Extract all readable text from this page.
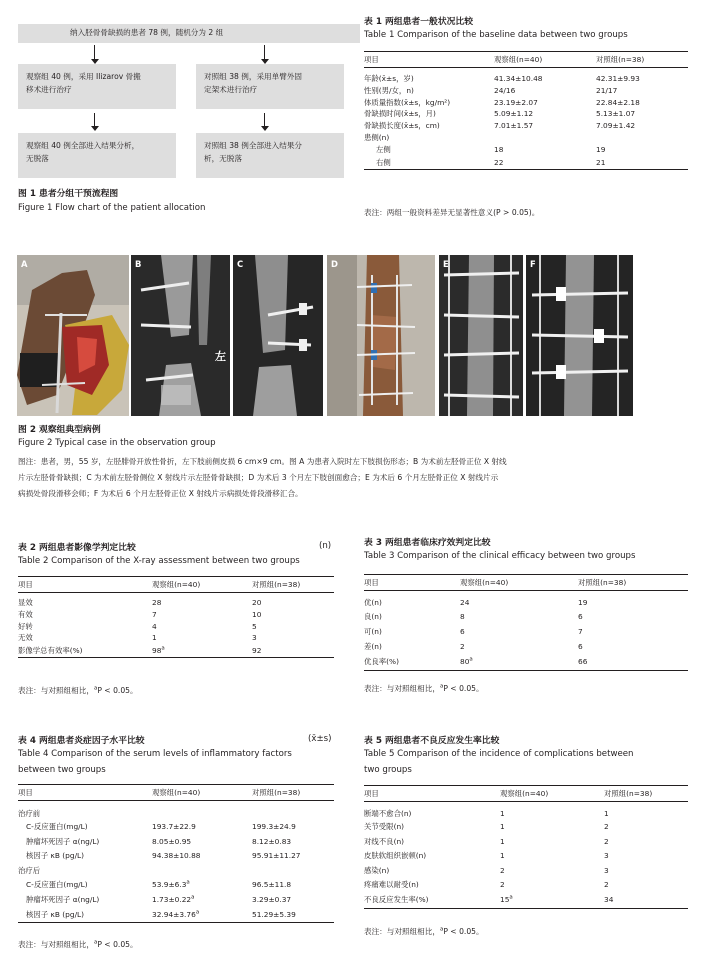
纳入胫骨骨缺损的患者 78 例，随机分为 2 组
观察组 40 例，采用 Ilizarov 骨搬
移术进行治疗
对照组 38 例，采用单臂外固
定架术进行治疗
观察组 40 例全部进入结果分析，
无脱落
对照组 38 例全部进入结果分
析，无脱落
图 1 患者分组干预流程图
Figure 1 Flow chart of the patient allocation
表 1 两组患者一般状况比较
Table 1 Comparison of the baseline data between two groups
项目	观察组(n=40)	对照组(n=38)
年龄(x̄±s，岁)	41.34±10.48	42.31±9.93
性别(男/女，n)	24/16	21/17
体质量指数(x̄±s，kg/m²)	23.19±2.07	22.84±2.18
骨缺损时间(x̄±s，月)	5.09±1.12	5.13±1.07
骨缺损长度(x̄±s，cm)	7.01±1.57	7.09±1.42
患侧(n)		
左侧	18	19
右侧	22	21
表注：两组一般资料差异无显著性意义(P > 0.05)。
A	B
左
C	D	E	F
图 2 观察组典型病例
Figure 2 Typical case in the observation group
图注：患者，男，55 岁，左胫腓骨开放性骨折，左下肢前侧皮损 6 cm×9 cm。图 A 为患者入院时左下肢损伤形态；B 为术前左胫骨正位 X 射线
片示左胫骨骨缺损；C 为术前左胫骨侧位 X 射线片示左胫骨骨缺损；D 为术后 3 个月左下肢创面愈合；E 为术后 6 个月左胫骨正位 X 射线片示
病损处骨段滑移会师；F 为术后 6 个月左胫骨正位 X 射线片示病损处骨段滑移汇合。
表 2 两组患者影像学判定比较	(n)
Table 2 Comparison of the X-ray assessment between two groups
项目	观察组(n=40)	对照组(n=38)
显效	28	20
有效	7	10
好转	4	5
无效	1	3
影像学总有效率(%)	98$^a$	92
表注：与对照组相比，$^a$P < 0.05。
表 3 两组患者临床疗效判定比较
Table 3 Comparison of the clinical efficacy between two groups
项目	观察组(n=40)	对照组(n=38)
优(n)	24	19
良(n)	8	6
可(n)	6	7
差(n)	2	6
优良率(%)	80$^a$	66
表注：与对照组相比，$^a$P < 0.05。
表 4 两组患者炎症因子水平比较	(x̄±s)
Table 4 Comparison of the serum levels of inflammatory factors
between two groups
项目	观察组(n=40)	对照组(n=38)
治疗前		
C-反应蛋白(mg/L)	193.7±22.9	199.3±24.9
肿瘤坏死因子 α(ng/L)	8.05±0.95	8.12±0.83
核因子 κB (pg/L)	94.38±10.88	95.91±11.27
治疗后		
C-反应蛋白(mg/L)	53.9±6.3$^a$	96.5±11.8
肿瘤坏死因子 α(ng/L)	1.73±0.22$^a$	3.29±0.37
核因子 κB (pg/L)	32.94±3.76$^a$	51.29±5.39
表注：与对照组相比，$^a$P < 0.05。
表 5 两组患者不良反应发生率比较
Table 5 Comparison of the incidence of complications between
two groups
项目	观察组(n=40)	对照组(n=38)
断端不愈合(n)	1	1
关节受限(n)	1	2
对线不良(n)	1	2
皮肤软组织嵌顿(n)	1	3
感染(n)	2	3
疼痛难以耐受(n)	2	2
不良反应发生率(%)	15$^a$	34
表注：与对照组相比，$^a$P < 0.05。
